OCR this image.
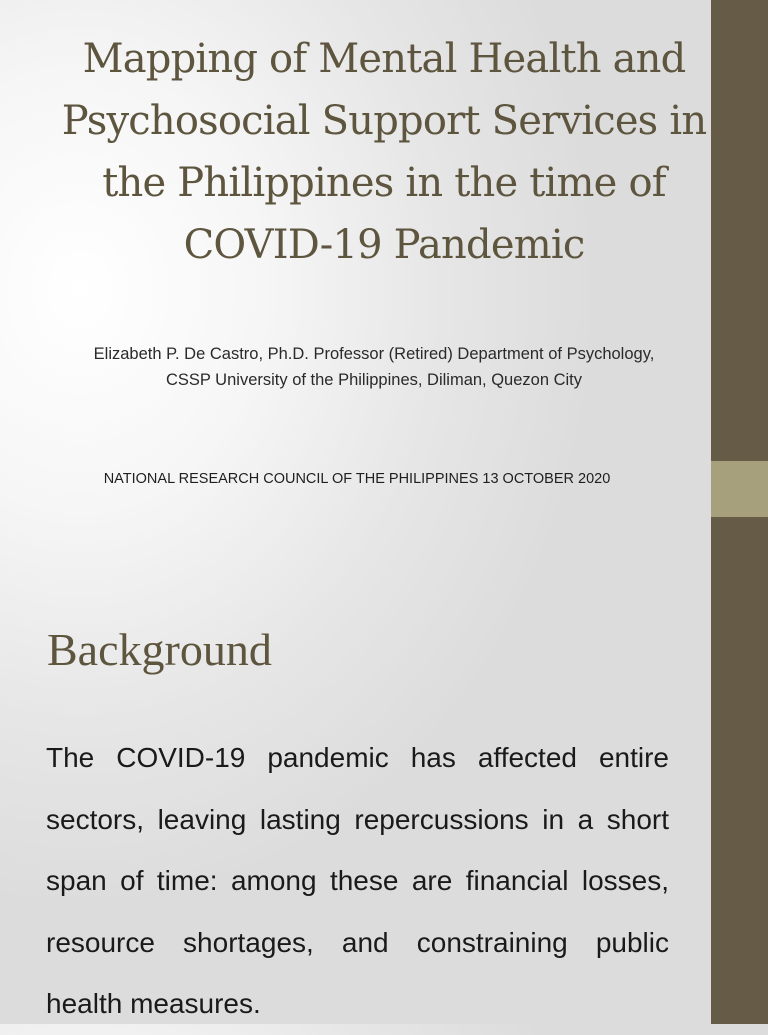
Mapping of Mental Health and Psychosocial Support Services in the Philippines in the time of COVID-19 Pandemic

Elizabeth P. De Castro, Ph.D. Professor (Retired) Department of Psychology, CSSP University of the Philippines, Diliman, Quezon City

NATIONAL RESEARCH COUNCIL OF THE PHILIPPINES 13 OCTOBER 2020

Background

The COVID-19 pandemic has affected entire sectors, leaving lasting repercussions in a short span of time: among these are financial losses, resource shortages, and constraining public health measures.
